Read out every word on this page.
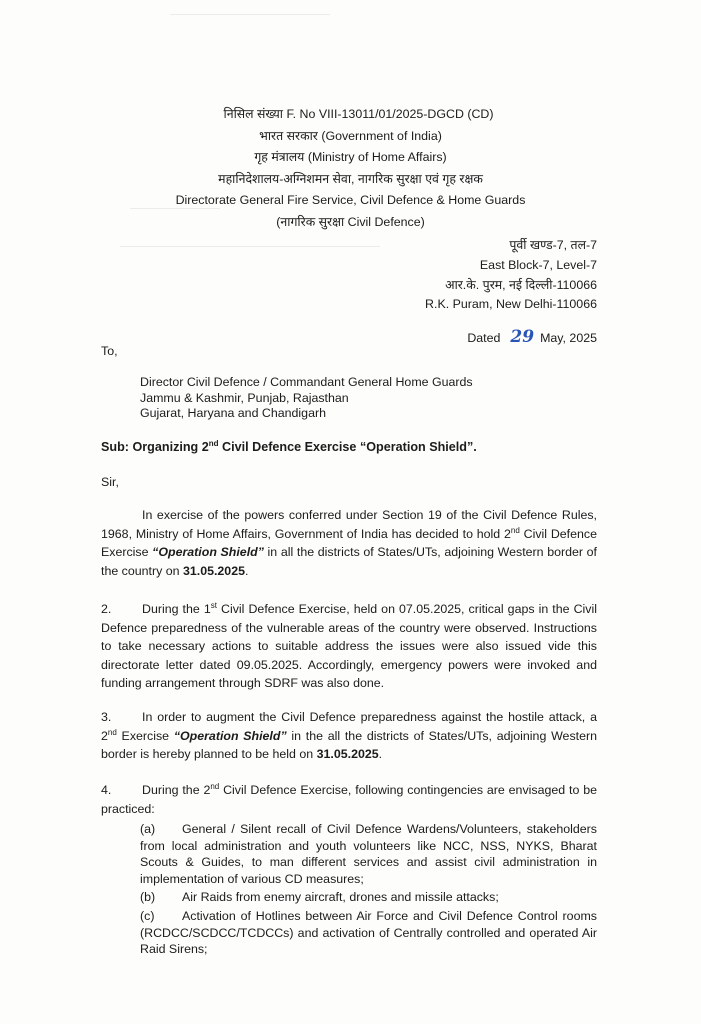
निसिल संख्या F. No VIII-13011/01/2025-DGCD (CD)
भारत सरकार (Government of India)
गृह मंत्रालय (Ministry of Home Affairs)
महानिदेशालय-अग्निशमन सेवा, नागरिक सुरक्षा एवं गृह रक्षक
Directorate General Fire Service, Civil Defence & Home Guards
(नागरिक सुरक्षा Civil Defence)
पूर्वी खण्ड-7, तल-7
East Block-7, Level-7
आर.के. पुरम, नई दिल्ली-110066
R.K. Puram, New Delhi-110066
Dated 29 May, 2025
To,
Director Civil Defence / Commandant General Home Guards
Jammu & Kashmir, Punjab, Rajasthan
Gujarat, Haryana and Chandigarh
Sub: Organizing 2nd Civil Defence Exercise “Operation Shield”.
Sir,
In exercise of the powers conferred under Section 19 of the Civil Defence Rules, 1968, Ministry of Home Affairs, Government of India has decided to hold 2nd Civil Defence Exercise “Operation Shield” in all the districts of States/UTs, adjoining Western border of the country on 31.05.2025.
2. During the 1st Civil Defence Exercise, held on 07.05.2025, critical gaps in the Civil Defence preparedness of the vulnerable areas of the country were observed. Instructions to take necessary actions to suitable address the issues were also issued vide this directorate letter dated 09.05.2025. Accordingly, emergency powers were invoked and funding arrangement through SDRF was also done.
3. In order to augment the Civil Defence preparedness against the hostile attack, a 2nd Exercise “Operation Shield” in the all the districts of States/UTs, adjoining Western border is hereby planned to be held on 31.05.2025.
4. During the 2nd Civil Defence Exercise, following contingencies are envisaged to be practiced:
(a) General / Silent recall of Civil Defence Wardens/Volunteers, stakeholders from local administration and youth volunteers like NCC, NSS, NYKS, Bharat Scouts & Guides, to man different services and assist civil administration in implementation of various CD measures;
(b) Air Raids from enemy aircraft, drones and missile attacks;
(c) Activation of Hotlines between Air Force and Civil Defence Control rooms (RCDCC/SCDCC/TCDCCs) and activation of Centrally controlled and operated Air Raid Sirens;
